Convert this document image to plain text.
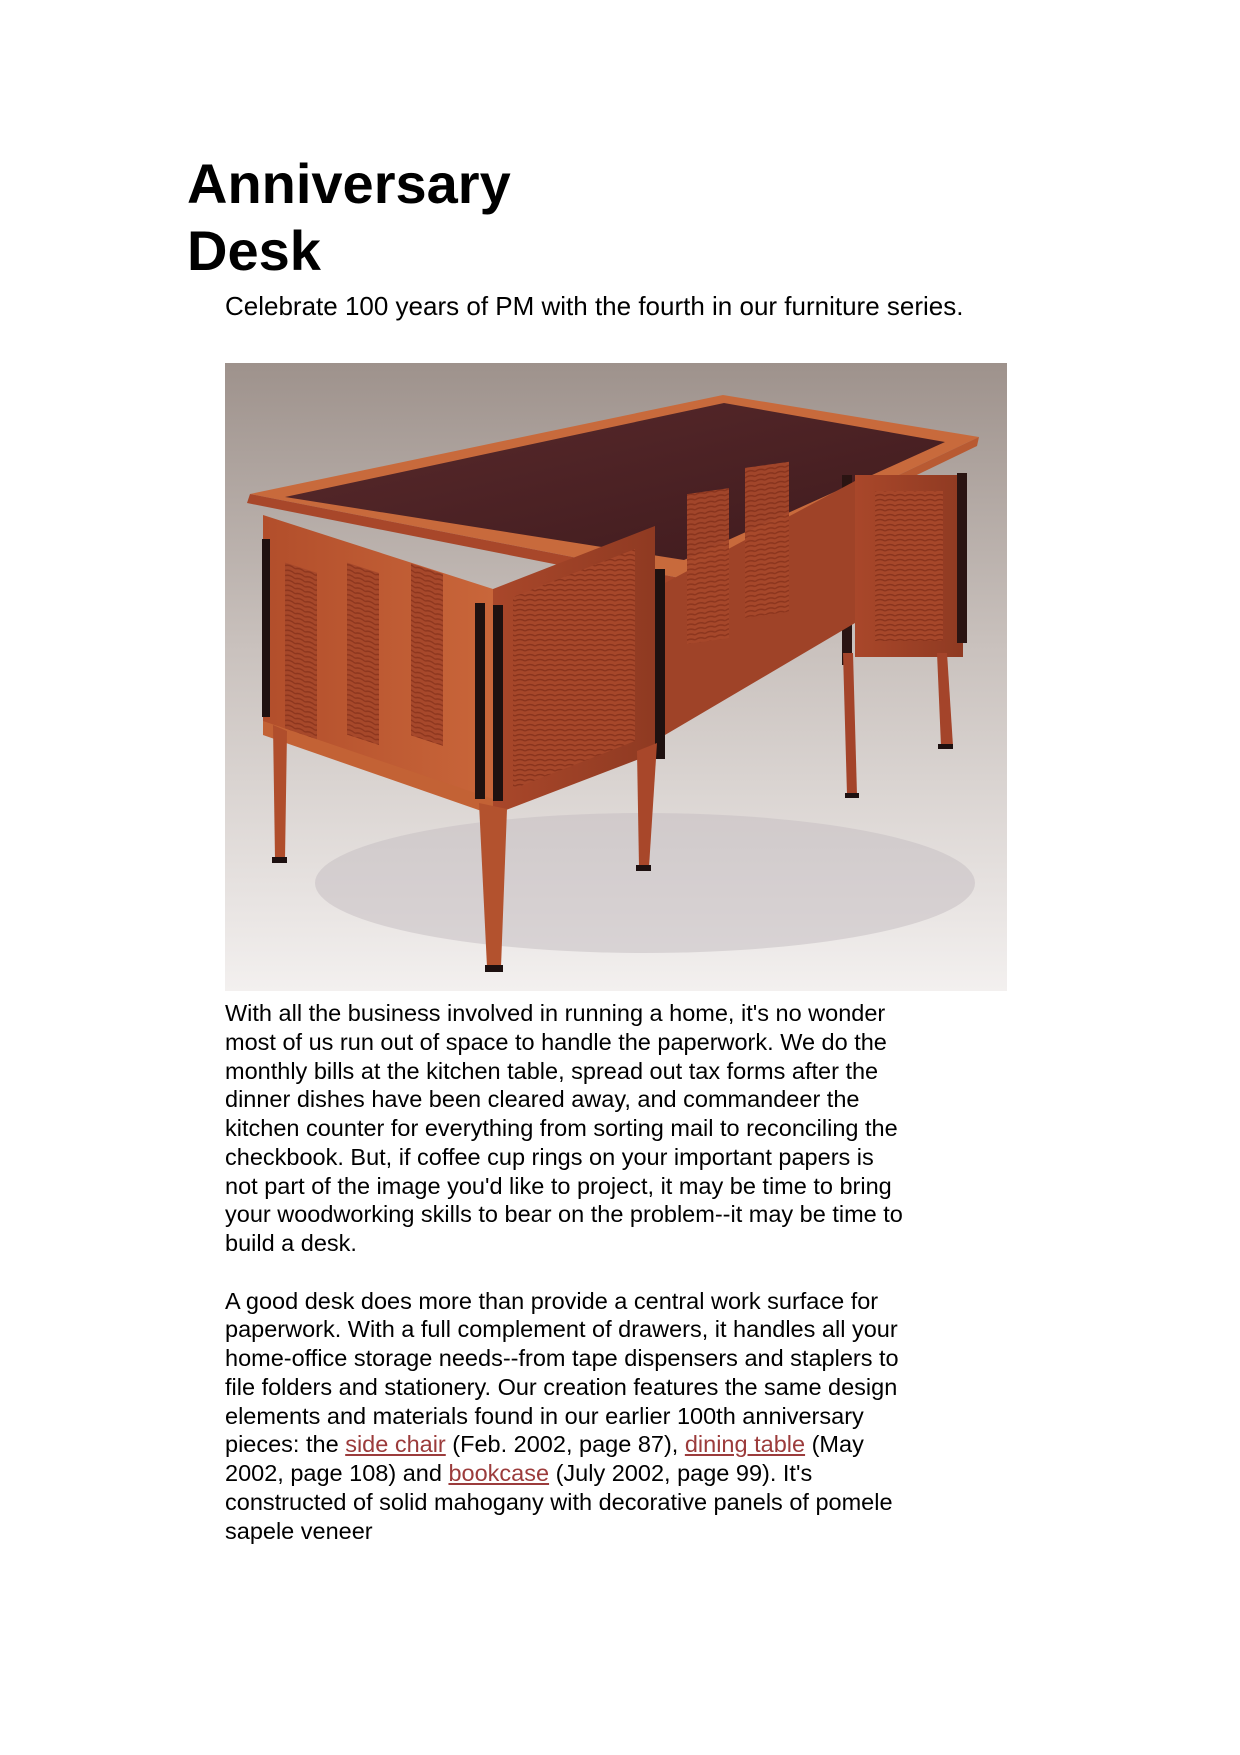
Anniversary
Desk

Celebrate 100 years of PM with the fourth in our furniture series.

With all the business involved in running a home, it's no wonder most of us run out of space to handle the paperwork. We do the monthly bills at the kitchen table, spread out tax forms after the dinner dishes have been cleared away, and commandeer the kitchen counter for everything from sorting mail to reconciling the checkbook. But, if coffee cup rings on your important papers is not part of the image you'd like to project, it may be time to bring your woodworking skills to bear on the problem--it may be time to build a desk.

A good desk does more than provide a central work surface for paperwork. With a full complement of drawers, it handles all your home-office storage needs--from tape dispensers and staplers to file folders and stationery. Our creation features the same design elements and materials found in our earlier 100th anniversary pieces: the side chair (Feb. 2002, page 87), dining table (May 2002, page 108) and bookcase (July 2002, page 99). It's constructed of solid mahogany with decorative panels of pomele sapele veneer
